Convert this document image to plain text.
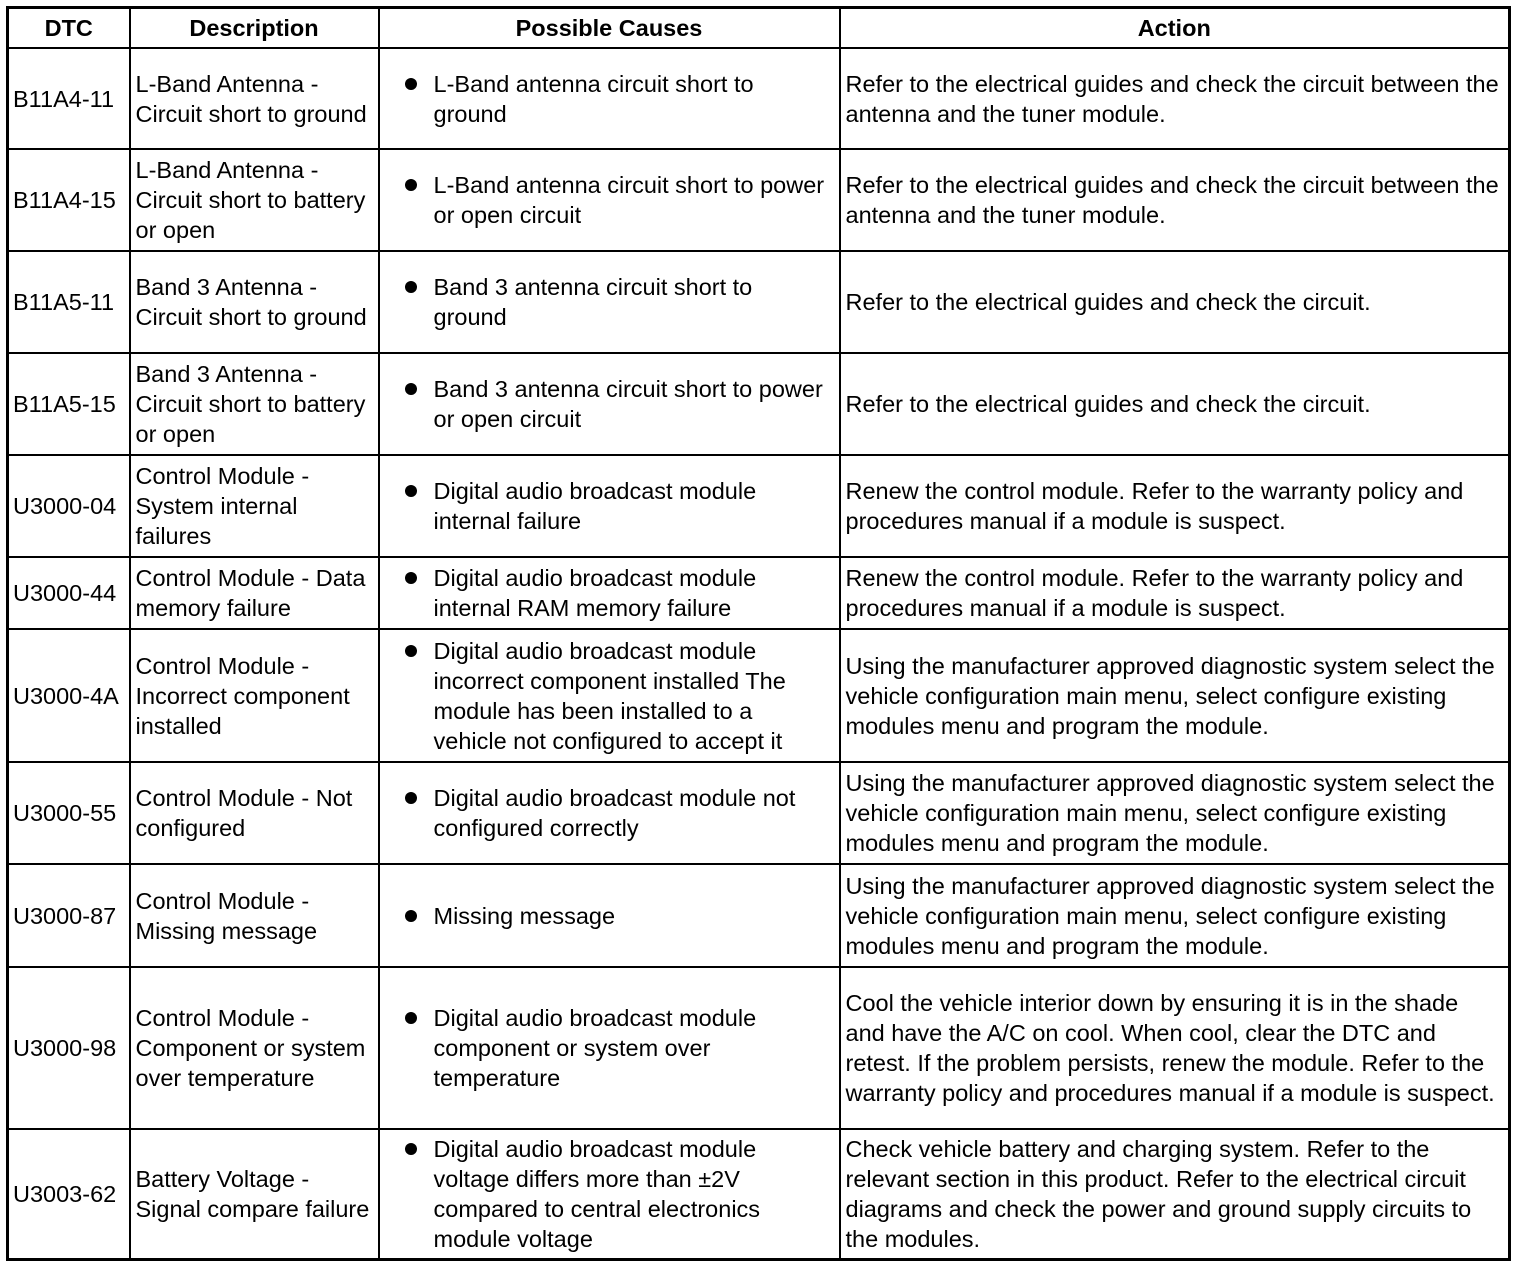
DTC	Description	Possible Causes	Action
B11A4-11	L-Band Antenna - Circuit short to ground	L-Band antenna circuit short to ground	Refer to the electrical guides and check the circuit between the antenna and the tuner module.
B11A4-15	L-Band Antenna - Circuit short to battery or open	L-Band antenna circuit short to power or open circuit	Refer to the electrical guides and check the circuit between the antenna and the tuner module.
B11A5-11	Band 3 Antenna - Circuit short to ground	Band 3 antenna circuit short to ground	Refer to the electrical guides and check the circuit.
B11A5-15	Band 3 Antenna - Circuit short to battery or open	Band 3 antenna circuit short to power or open circuit	Refer to the electrical guides and check the circuit.
U3000-04	Control Module - System internal failures	Digital audio broadcast module internal failure	Renew the control module. Refer to the warranty policy and procedures manual if a module is suspect.
U3000-44	Control Module - Data memory failure	Digital audio broadcast module internal RAM memory failure	Renew the control module. Refer to the warranty policy and procedures manual if a module is suspect.
U3000-4A	Control Module - Incorrect component installed	Digital audio broadcast module incorrect component installed The module has been installed to a vehicle not configured to accept it	Using the manufacturer approved diagnostic system select the vehicle configuration main menu, select configure existing modules menu and program the module.
U3000-55	Control Module - Not configured	Digital audio broadcast module not configured correctly	Using the manufacturer approved diagnostic system select the vehicle configuration main menu, select configure existing modules menu and program the module.
U3000-87	Control Module - Missing message	Missing message	Using the manufacturer approved diagnostic system select the vehicle configuration main menu, select configure existing modules menu and program the module.
U3000-98	Control Module - Component or system over temperature	Digital audio broadcast module component or system over temperature	Cool the vehicle interior down by ensuring it is in the shade and have the A/C on cool. When cool, clear the DTC and retest. If the problem persists, renew the module. Refer to the warranty policy and procedures manual if a module is suspect.
U3003-62	Battery Voltage - Signal compare failure	Digital audio broadcast module voltage differs more than ±2V compared to central electronics module voltage	Check vehicle battery and charging system. Refer to the relevant section in this product. Refer to the electrical circuit diagrams and check the power and ground supply circuits to the modules.
